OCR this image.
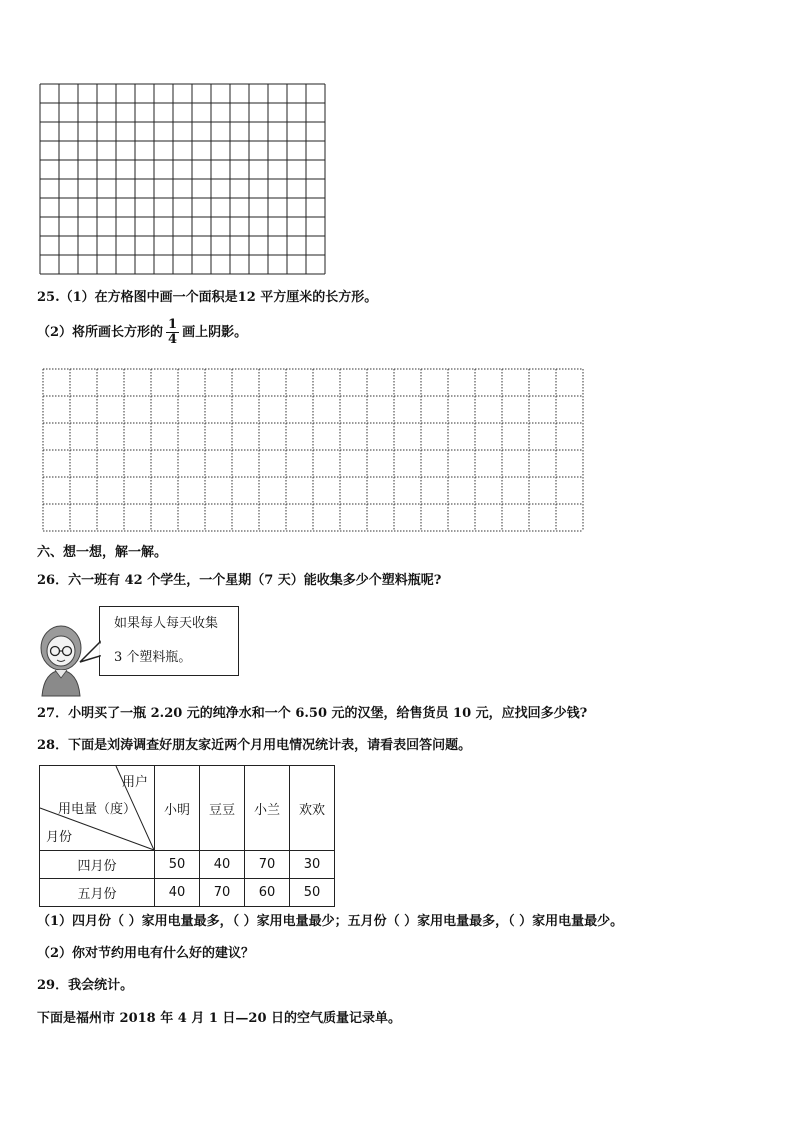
25.（1）在方格图中画一个面积是12 平方厘米的长方形。
（2）将所画长方形的 $\frac{1}{4}$ 画上阴影。
六、想一想，解一解。
26．六一班有 42 个学生，一个星期（7 天）能收集多少个塑料瓶呢?
如果每人每天收集
3 个塑料瓶。
27．小明买了一瓶 2.20 元的纯净水和一个 6.50 元的汉堡，给售货员 10 元，应找回多少钱?
28．下面是刘涛调查好朋友家近两个月用电情况统计表，请看表回答问题。
用户
用电量（度）
月份	小明	豆豆	小兰	欢欢
四月份	50	40	70	30
五月份	40	70	60	50
（1）四月份（ ）家用电量最多，（ ）家用电量最少；五月份（ ）家用电量最多，（ ）家用电量最少。
（2）你对节约用电有什么好的建议？
29．我会统计。
下面是福州市 2018 年 4 月 1 日—20 日的空气质量记录单。
